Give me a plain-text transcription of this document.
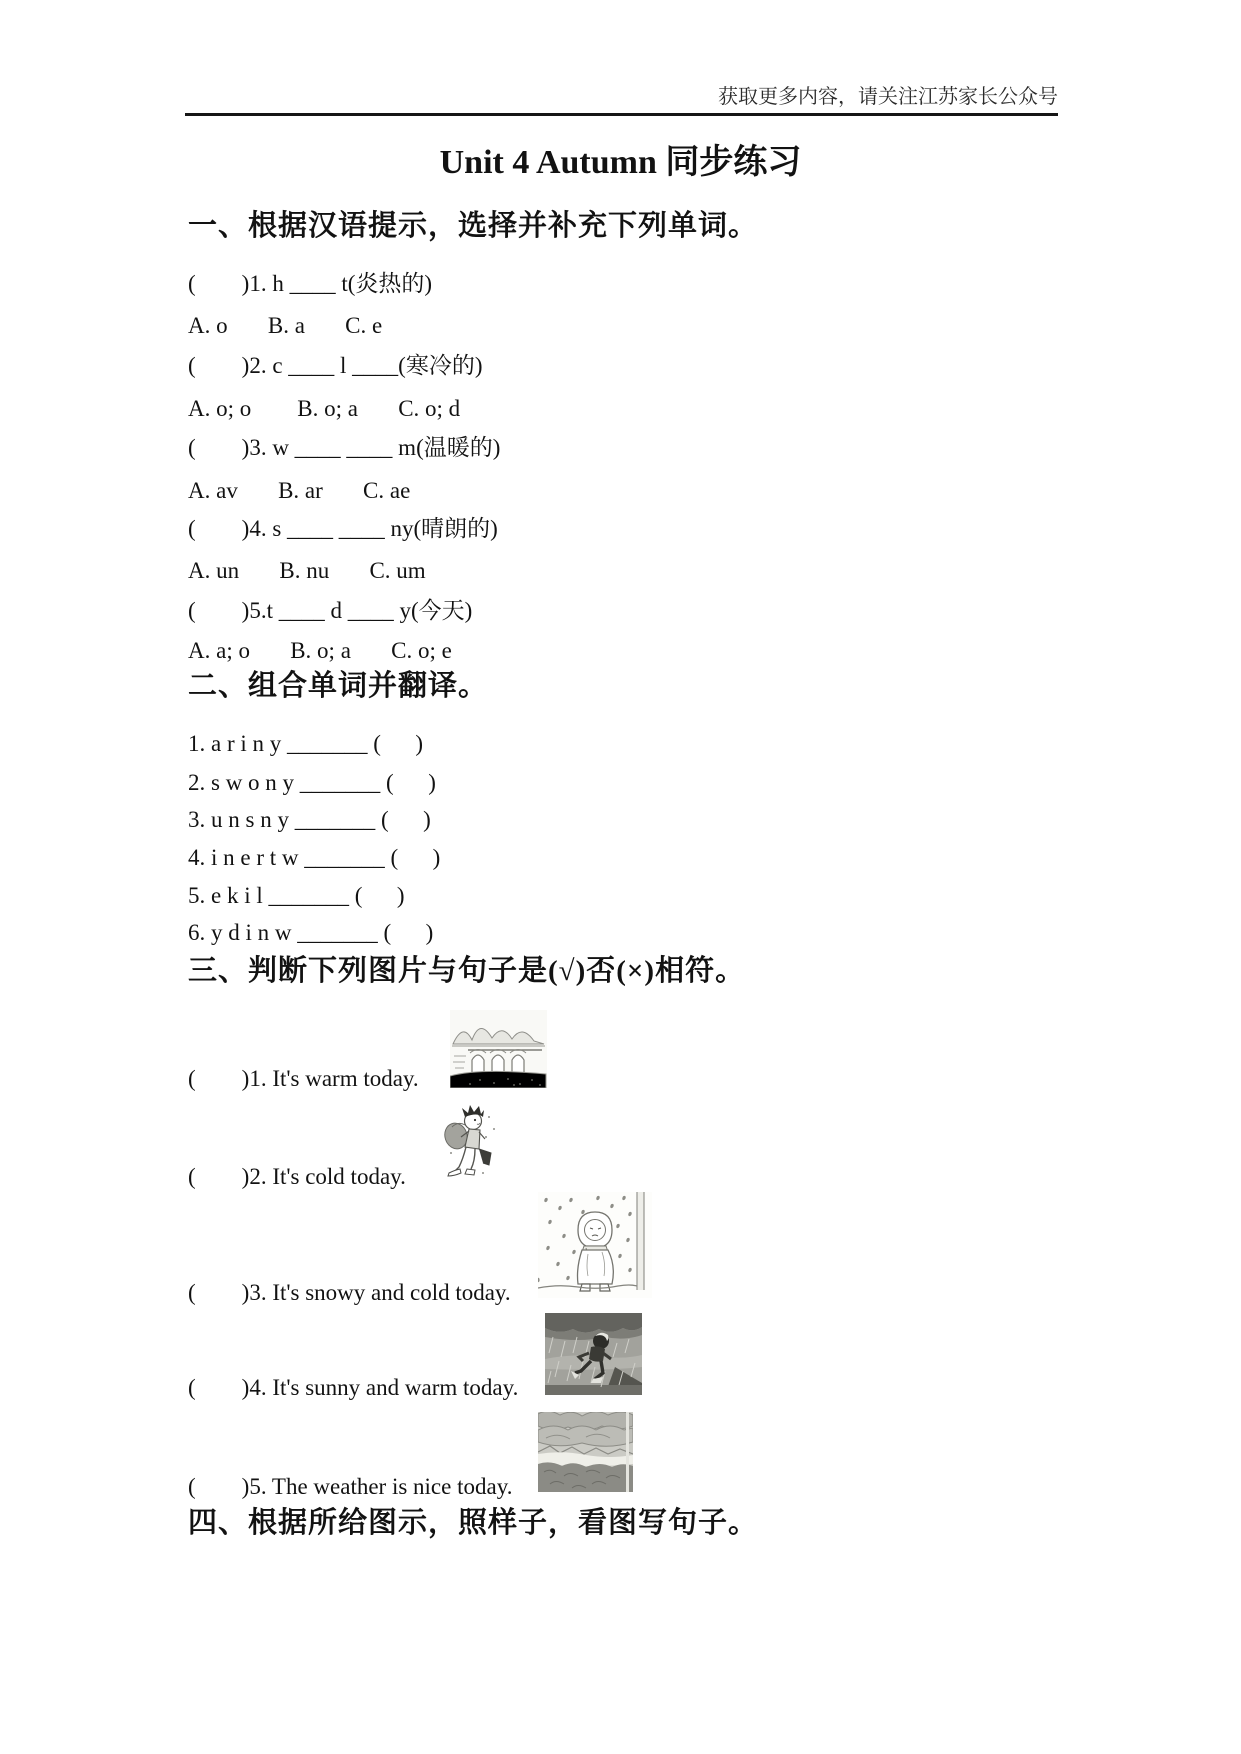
获取更多内容，请关注江苏家长公众号
Unit 4 Autumn 同步练习
一、根据汉语提示，选择并补充下列单词。
(        )1. h ____ t(炎热的)
A. o       B. a       C. e
(        )2. c ____ l ____(寒冷的)
A. o; o        B. o; a       C. o; d
(        )3. w ____ ____ m(温暖的)
A. av       B. ar       C. ae
(        )4. s ____ ____ ny(晴朗的)
A. un       B. nu       C. um
(        )5.t ____ d ____ y(今天)
A. a; o       B. o; a       C. o; e
二、组合单词并翻译。
1. a r i n y _______ (      )
2. s w o n y _______ (      )
3. u n s n y _______ (      )
4. i n e r t w _______ (      )
5. e k i l _______ (      )
6. y d i n w _______ (      )
三、判断下列图片与句子是(√)否(×)相符。
(        )1. It's warm today.
(        )2. It's cold today.
(        )3. It's snowy and cold today.
(        )4. It's sunny and warm today.
(        )5. The weather is nice today.
四、根据所给图示，照样子，看图写句子。
